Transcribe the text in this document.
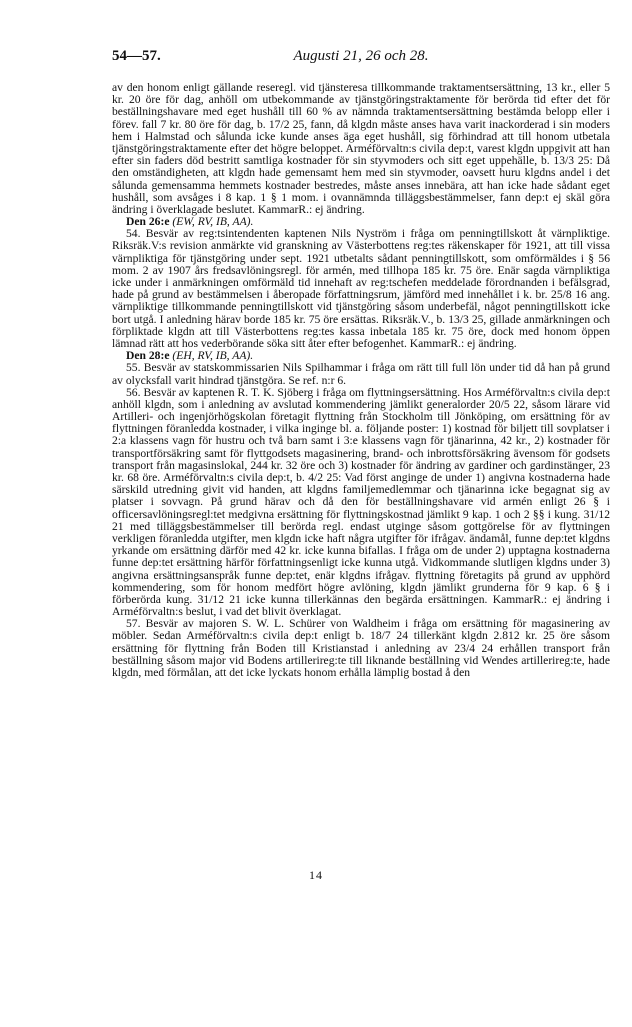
54—57.	Augusti 21, 26 och 28.

av den honom enligt gällande reseregl. vid tjänsteresa tillkommande traktamentsersättning, 13 kr., eller 5 kr. 20 öre för dag, anhöll om utbekommande av tjänstgöringstraktamente för berörda tid efter det för beställningshavare med eget hushåll till 60 % av nämnda traktamentsersättning bestämda belopp eller i förev. fall 7 kr. 80 öre för dag, b. 17/2 25, fann, då klgdn måste anses hava varit inackorderad i sin moders hem i Halmstad och sålunda icke kunde anses äga eget hushåll, sig förhindrad att till honom utbetala tjänstgöringstraktamente efter det högre beloppet. Arméförvaltn:s civila dep:t, varest klgdn uppgivit att han efter sin faders död bestritt samtliga kostnader för sin styvmoders och sitt eget uppehälle, b. 13/3 25: Då den omständigheten, att klgdn hade gemensamt hem med sin styvmoder, oavsett huru klgdns andel i det sålunda gemensamma hemmets kostnader bestredes, måste anses innebära, att han icke hade sådant eget hushåll, som avsåges i 8 kap. 1 § 1 mom. i ovannämnda tilläggsbestämmelser, fann dep:t ej skäl göra ändring i överklagade beslutet. KammarR.: ej ändring.

Den 26:e (EW, RV, IB, AA).

54. Besvär av reg:tsintendenten kaptenen Nils Nyström i fråga om penningtillskott åt värnpliktige. Riksräk.V:s revision anmärkte vid granskning av Västerbottens reg:tes räkenskaper för 1921, att till vissa värnpliktiga för tjänstgöring under sept. 1921 utbetalts sådant penningtillskott, som omförmäldes i § 56 mom. 2 av 1907 års fredsavlöningsregl. för armén, med tillhopa 185 kr. 75 öre. Enär sagda värnpliktiga icke under i anmärkningen omförmäld tid innehaft av reg:tschefen meddelade förordnanden i befälsgrad, hade på grund av bestämmelsen i åberopade författningsrum, jämförd med innehållet i k. br. 25/8 16 ang. värnpliktige tillkommande penningtillskott vid tjänstgöring såsom underbefäl, något penningtillskott icke bort utgå. I anledning härav borde 185 kr. 75 öre ersättas. Riksräk.V., b. 13/3 25, gillade anmärkningen och förpliktade klgdn att till Västerbottens reg:tes kassa inbetala 185 kr. 75 öre, dock med honom öppen lämnad rätt att hos vederbörande söka sitt åter efter befogenhet. KammarR.: ej ändring.

Den 28:e (EH, RV, IB, AA).

55. Besvär av statskommissarien Nils Spilhammar i fråga om rätt till full lön under tid då han på grund av olycksfall varit hindrad tjänstgöra. Se ref. n:r 6.

56. Besvär av kaptenen R. T. K. Sjöberg i fråga om flyttningsersättning. Hos Arméförvaltn:s civila dep:t anhöll klgdn, som i anledning av avslutad kommendering jämlikt generalorder 20/5 22, såsom lärare vid Artilleri- och ingenjörhögskolan företagit flyttning från Stockholm till Jönköping, om ersättning för av flyttningen föranledda kostnader, i vilka inginge bl. a. följande poster: 1) kostnad för biljett till sovplatser i 2:a klassens vagn för hustru och två barn samt i 3:e klassens vagn för tjänarinna, 42 kr., 2) kostnader för transportförsäkring samt för flyttgodsets magasinering, brand- och inbrottsförsäkring ävensom för godsets transport från magasinslokal, 244 kr. 32 öre och 3) kostnader för ändring av gardiner och gardinstänger, 23 kr. 68 öre. Arméförvaltn:s civila dep:t, b. 4/2 25: Vad först anginge de under 1) angivna kostnaderna hade särskild utredning givit vid handen, att klgdns familjemedlemmar och tjänarinna icke begagnat sig av platser i sovvagn. På grund härav och då den för beställningshavare vid armén enligt 26 § i officersavlöningsregl:tet medgivna ersättning för flyttningskostnad jämlikt 9 kap. 1 och 2 §§ i kung. 31/12 21 med tilläggsbestämmelser till berörda regl. endast utginge såsom gottgörelse för av flyttningen verkligen föranledda utgifter, men klgdn icke haft några utgifter för ifrågav. ändamål, funne dep:tet klgdns yrkande om ersättning därför med 42 kr. icke kunna bifallas. I fråga om de under 2) upptagna kostnaderna funne dep:tet ersättning härför författningsenligt icke kunna utgå. Vidkommande slutligen klgdns under 3) angivna ersättningsanspråk funne dep:tet, enär klgdns ifrågav. flyttning företagits på grund av upphörd kommendering, som för honom medfört högre avlöning, klgdn jämlikt grunderna för 9 kap. 6 § i förberörda kung. 31/12 21 icke kunna tillerkännas den begärda ersättningen. KammarR.: ej ändring i Arméförvaltn:s beslut, i vad det blivit överklagat.

57. Besvär av majoren S. W. L. Schürer von Waldheim i fråga om ersättning för magasinering av möbler. Sedan Arméförvaltn:s civila dep:t enligt b. 18/7 24 tillerkänt klgdn 2.812 kr. 25 öre såsom ersättning för flyttning från Boden till Kristianstad i anledning av 23/4 24 erhållen transport från beställning såsom major vid Bodens artillerireg:te till liknande beställning vid Wendes artillerireg:te, hade klgdn, med förmålan, att det icke lyckats honom erhålla lämplig bostad å den

14
